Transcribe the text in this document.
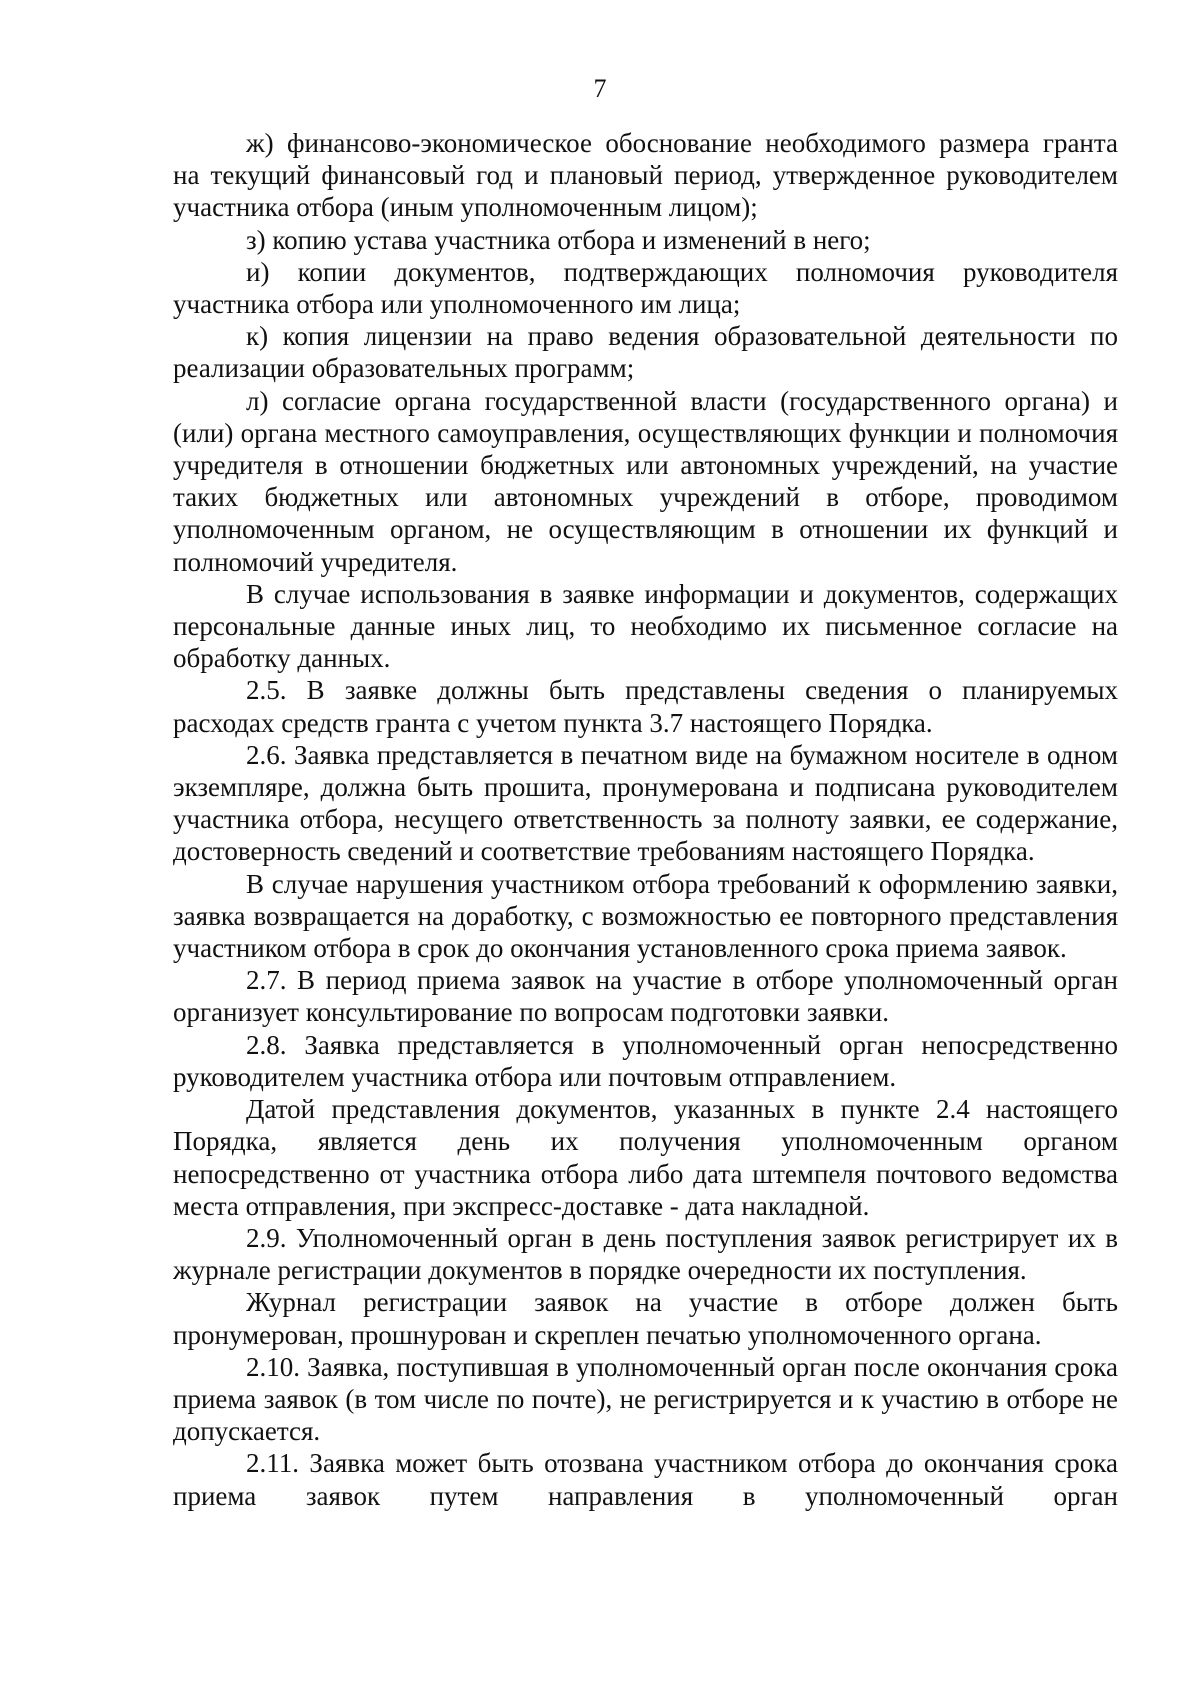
7

ж) финансово-экономическое обоснование необходимого размера гранта на текущий финансовый год и плановый период, утвержденное руководителем участника отбора (иным уполномоченным лицом);

з) копию устава участника отбора и изменений в него;

и) копии документов, подтверждающих полномочия руководителя участника отбора или уполномоченного им лица;

к) копия лицензии на право ведения образовательной деятельности по реализации образовательных программ;

л) согласие органа государственной власти (государственного органа) и (или) органа местного самоуправления, осуществляющих функции и полномочия учредителя в отношении бюджетных или автономных учреждений, на участие таких бюджетных или автономных учреждений в отборе, проводимом уполномоченным органом, не осуществляющим в отношении их функций и полномочий учредителя.

В случае использования в заявке информации и документов, содержащих персональные данные иных лиц, то необходимо их письменное согласие на обработку данных.

2.5. В заявке должны быть представлены сведения о планируемых расходах средств гранта с учетом пункта 3.7 настоящего Порядка.

2.6. Заявка представляется в печатном виде на бумажном носителе в одном экземпляре, должна быть прошита, пронумерована и подписана руководителем участника отбора, несущего ответственность за полноту заявки, ее содержание, достоверность сведений и соответствие требованиям настоящего Порядка.

В случае нарушения участником отбора требований к оформлению заявки, заявка возвращается на доработку, с возможностью ее повторного представления участником отбора в срок до окончания установленного срока приема заявок.

2.7. В период приема заявок на участие в отборе уполномоченный орган организует консультирование по вопросам подготовки заявки.

2.8. Заявка представляется в уполномоченный орган непосредственно руководителем участника отбора или почтовым отправлением.

Датой представления документов, указанных в пункте 2.4 настоящего Порядка, является день их получения уполномоченным органом непосредственно от участника отбора либо дата штемпеля почтового ведомства места отправления, при экспресс-доставке - дата накладной.

2.9. Уполномоченный орган в день поступления заявок регистрирует их в журнале регистрации документов в порядке очередности их поступления.

Журнал регистрации заявок на участие в отборе должен быть пронумерован, прошнурован и скреплен печатью уполномоченного органа.

2.10. Заявка, поступившая в уполномоченный орган после окончания срока приема заявок (в том числе по почте), не регистрируется и к участию в отборе не допускается.

2.11. Заявка может быть отозвана участником отбора до окончания срока приема заявок путем направления в уполномоченный орган
